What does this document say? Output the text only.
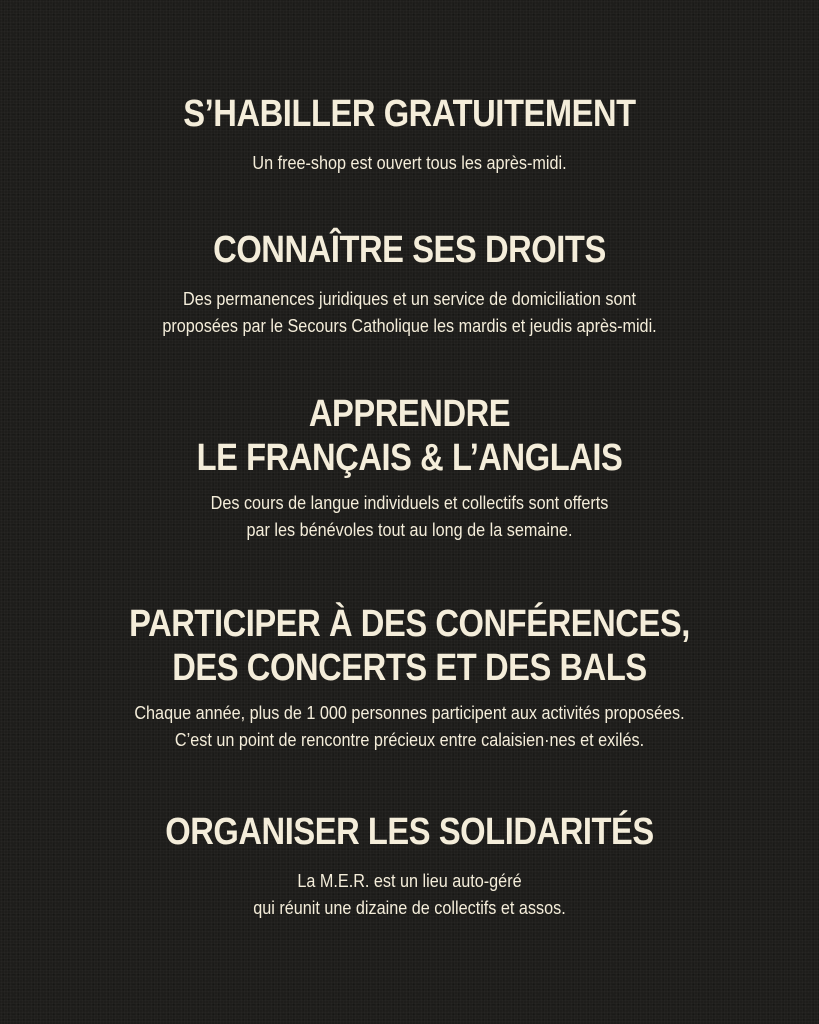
S’HABILLER GRATUITEMENT

Un free-shop est ouvert tous les après-midi.

CONNAÎTRE SES DROITS

Des permanences juridiques et un service de domiciliation sont
proposées par le Secours Catholique les mardis et jeudis après-midi.

APPRENDRE
LE FRANÇAIS & L’ANGLAIS

Des cours de langue individuels et collectifs sont offerts
par les bénévoles tout au long de la semaine.

PARTICIPER À DES CONFÉRENCES,
DES CONCERTS ET DES BALS

Chaque année, plus de 1 000 personnes participent aux activités proposées.
C’est un point de rencontre précieux entre calaisien·nes et exilés.

ORGANISER LES SOLIDARITÉS

La M.E.R. est un lieu auto-géré
qui réunit une dizaine de collectifs et assos.
